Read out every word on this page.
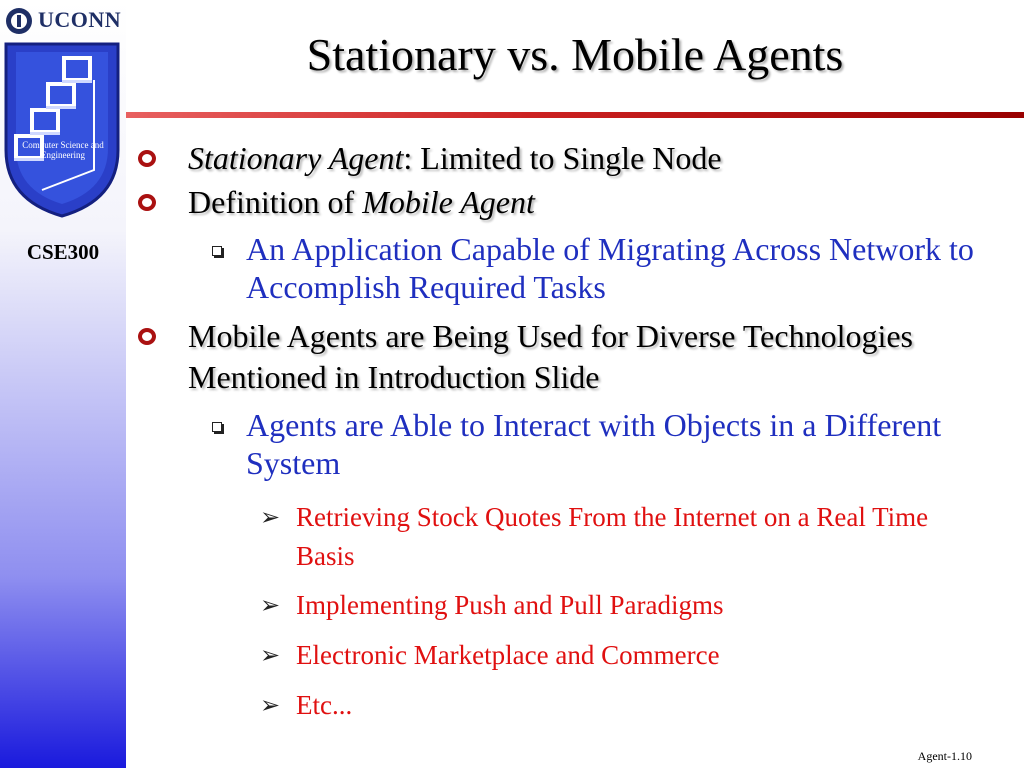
UCONN
Computer Science and Engineering
CSE300
Stationary vs. Mobile Agents
Stationary Agent: Limited to Single Node
Definition of Mobile Agent
An Application Capable of Migrating Across Network to Accomplish Required Tasks
Mobile Agents are Being Used for Diverse Technologies Mentioned in Introduction Slide
Agents are Able to Interact with Objects in a Different System
➢ Retrieving Stock Quotes From the Internet on a Real Time Basis
➢ Implementing Push and Pull Paradigms
➢ Electronic Marketplace and Commerce
➢ Etc...
Agent-1.10
